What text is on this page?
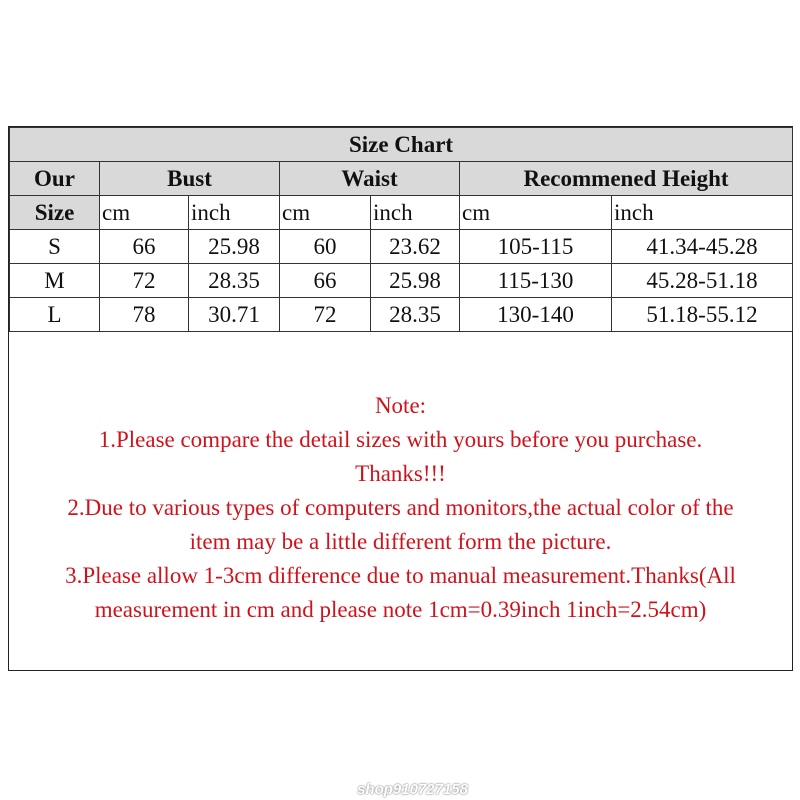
Size Chart						
Our	Bust		Waist		Recommened Height	
Size	cm	inch	cm	inch	cm	inch
S	66	25.98	60	23.62	105-115	41.34-45.28
M	72	28.35	66	25.98	115-130	45.28-51.18
L	78	30.71	72	28.35	130-140	51.18-55.12
Note:
1.Please compare the detail sizes with yours before you purchase.
Thanks!!!
2.Due to various types of computers and monitors,the actual color of the
item may be a little different form the picture.
3.Please allow 1-3cm difference due to manual measurement.Thanks(All
measurement in cm and please note 1cm=0.39inch 1inch=2.54cm)
shop910727158
